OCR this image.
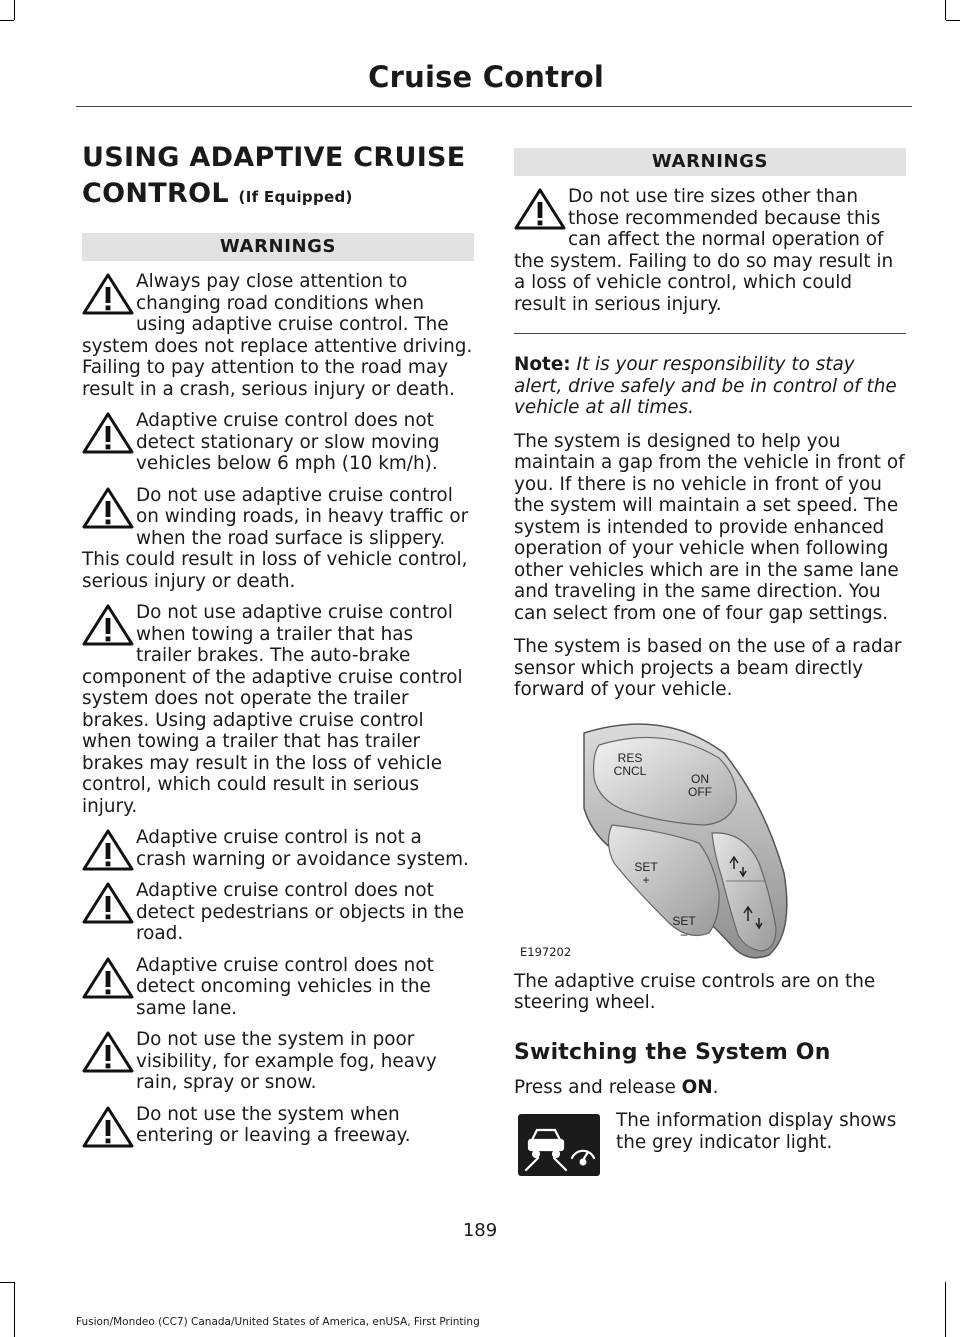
Cruise Control
USING ADAPTIVE CRUISE CONTROL (If Equipped)
WARNINGS
Always pay close attention to changing road conditions when using adaptive cruise control. The system does not replace attentive driving. Failing to pay attention to the road may result in a crash, serious injury or death.
Adaptive cruise control does not detect stationary or slow moving vehicles below 6 mph (10 km/h).
Do not use adaptive cruise control on winding roads, in heavy traffic or when the road surface is slippery. This could result in loss of vehicle control, serious injury or death.
Do not use adaptive cruise control when towing a trailer that has trailer brakes. The auto-brake component of the adaptive cruise control system does not operate the trailer brakes. Using adaptive cruise control when towing a trailer that has trailer brakes may result in the loss of vehicle control, which could result in serious injury.
Adaptive cruise control is not a crash warning or avoidance system.
Adaptive cruise control does not detect pedestrians or objects in the road.
Adaptive cruise control does not detect oncoming vehicles in the same lane.
Do not use the system in poor visibility, for example fog, heavy rain, spray or snow.
Do not use the system when entering or leaving a freeway.
WARNINGS
Do not use tire sizes other than those recommended because this can affect the normal operation of the system. Failing to do so may result in a loss of vehicle control, which could result in serious injury.

Note: It is your responsibility to stay alert, drive safely and be in control of the vehicle at all times.

The system is designed to help you maintain a gap from the vehicle in front of you. If there is no vehicle in front of you the system will maintain a set speed. The system is intended to provide enhanced operation of your vehicle when following other vehicles which are in the same lane and traveling in the same direction. You can select from one of four gap settings.

The system is based on the use of a radar sensor which projects a beam directly forward of your vehicle.

RES
CNCL
ON
OFF
SET
+
SET
–
E197202

The adaptive cruise controls are on the steering wheel.

Switching the System On

Press and release ON.

The information display shows the grey indicator light.
189
Fusion/Mondeo (CC7) Canada/United States of America, enUSA, First Printing
